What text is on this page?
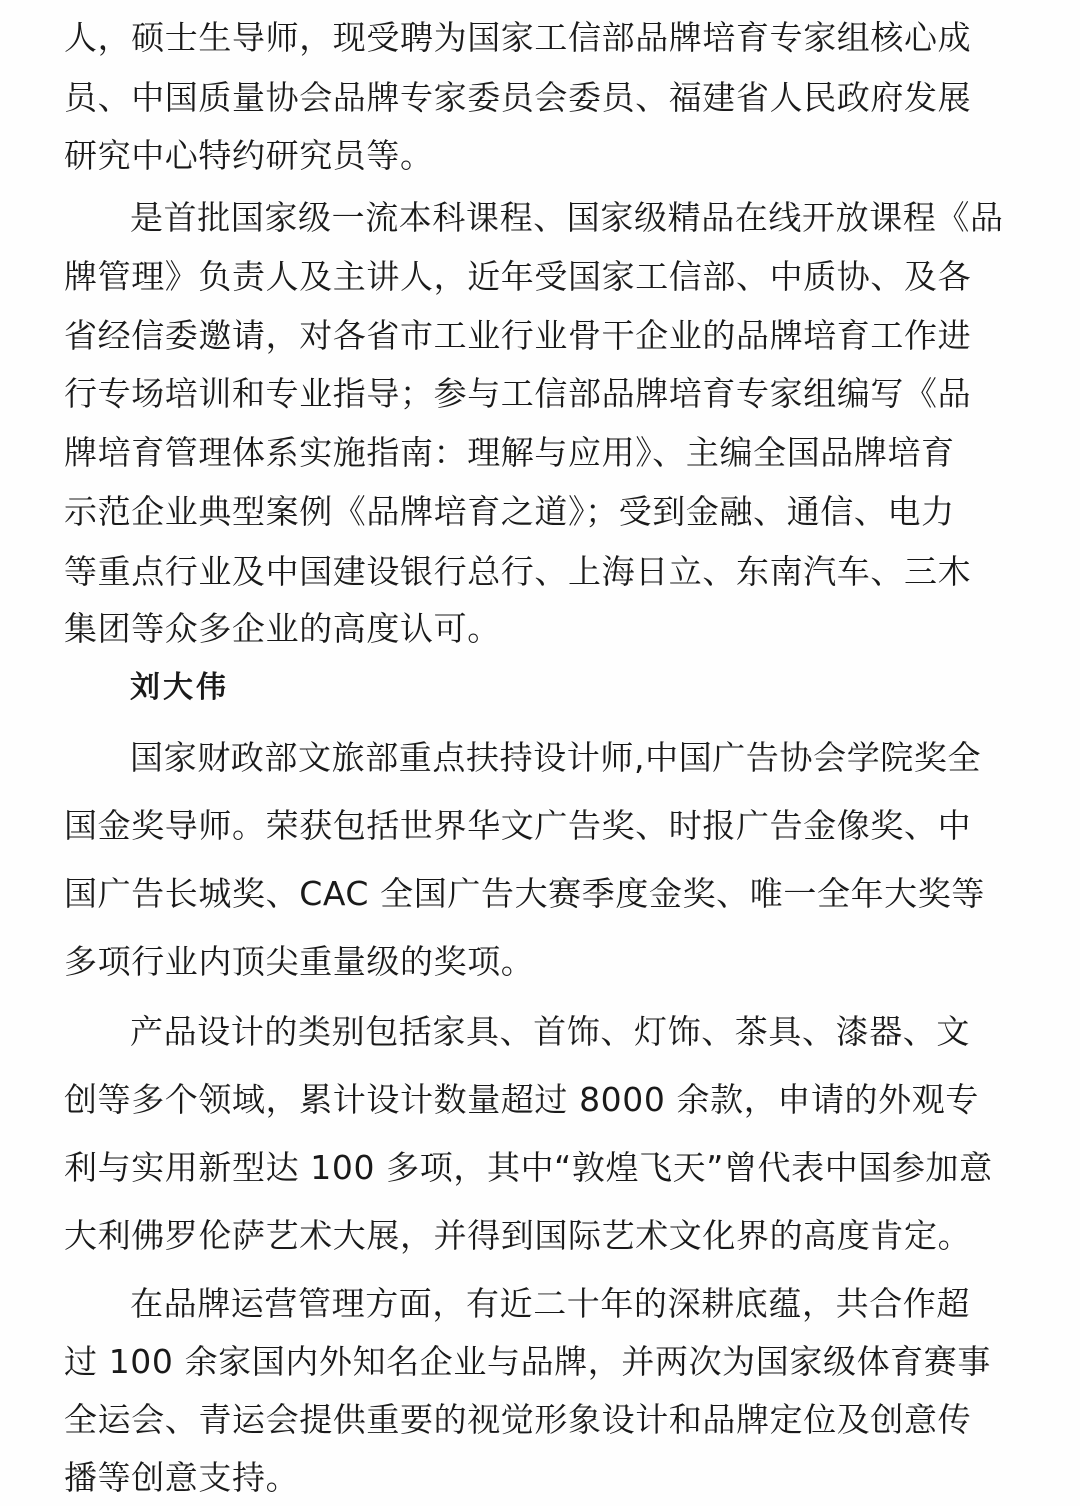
人，硕士生导师，现受聘为国家工信部品牌培育专家组核心成
员、中国质量协会品牌专家委员会委员、福建省人民政府发展
研究中心特约研究员等。
是首批国家级一流本科课程、国家级精品在线开放课程《品
牌管理》负责人及主讲人，近年受国家工信部、中质协、及各
省经信委邀请，对各省市工业行业骨干企业的品牌培育工作进
行专场培训和专业指导；参与工信部品牌培育专家组编写《品
牌培育管理体系实施指南：理解与应用》、主编全国品牌培育
示范企业典型案例《品牌培育之道》；受到金融、通信、电力
等重点行业及中国建设银行总行、上海日立、东南汽车、三木
集团等众多企业的高度认可。
刘大伟
国家财政部文旅部重点扶持设计师,中国广告协会学院奖全
国金奖导师。荣获包括世界华文广告奖、时报广告金像奖、中
国广告长城奖、CAC 全国广告大赛季度金奖、唯一全年大奖等
多项行业内顶尖重量级的奖项。
产品设计的类别包括家具、首饰、灯饰、茶具、漆器、文
创等多个领域，累计设计数量超过 8000 余款，申请的外观专
利与实用新型达 100 多项，其中“敦煌飞天”曾代表中国参加意
大利佛罗伦萨艺术大展，并得到国际艺术文化界的高度肯定。
在品牌运营管理方面，有近二十年的深耕底蕴，共合作超
过 100 余家国内外知名企业与品牌，并两次为国家级体育赛事
全运会、青运会提供重要的视觉形象设计和品牌定位及创意传
播等创意支持。
